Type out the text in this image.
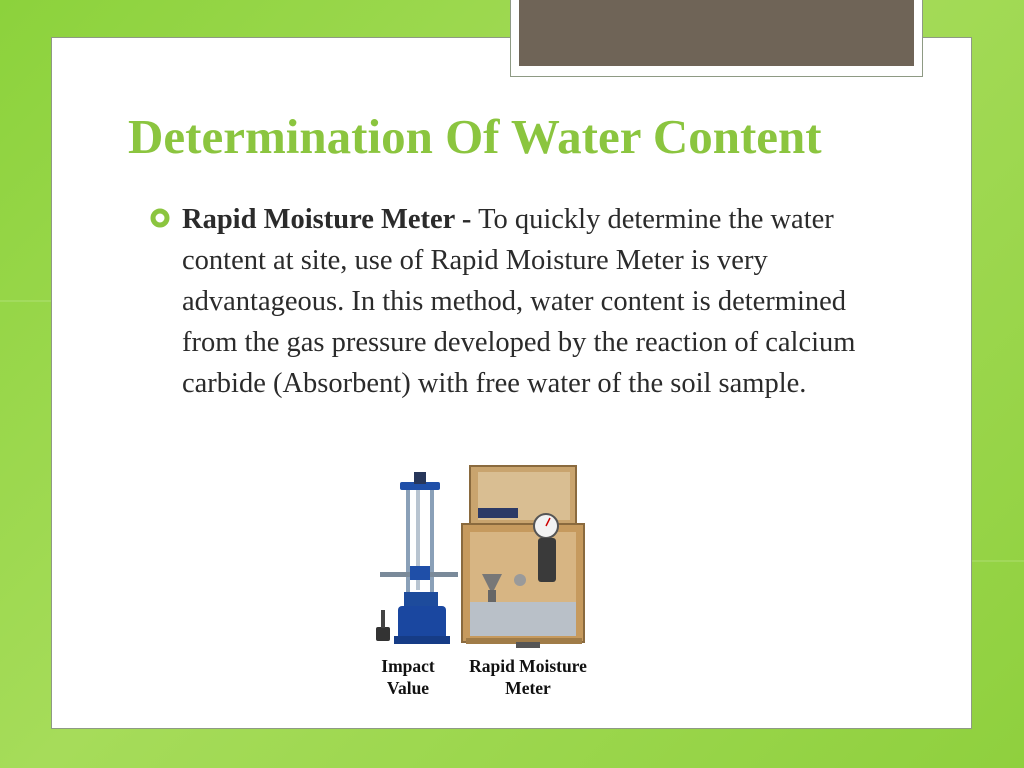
Determination Of Water Content

Rapid Moisture Meter - To quickly determine the water content at site, use of Rapid Moisture Meter is very advantageous. In this method, water content is determined from the gas pressure developed by the reaction of calcium carbide (Absorbent) with free water of the soil sample.

Impact
Value
Rapid Moisture
Meter
